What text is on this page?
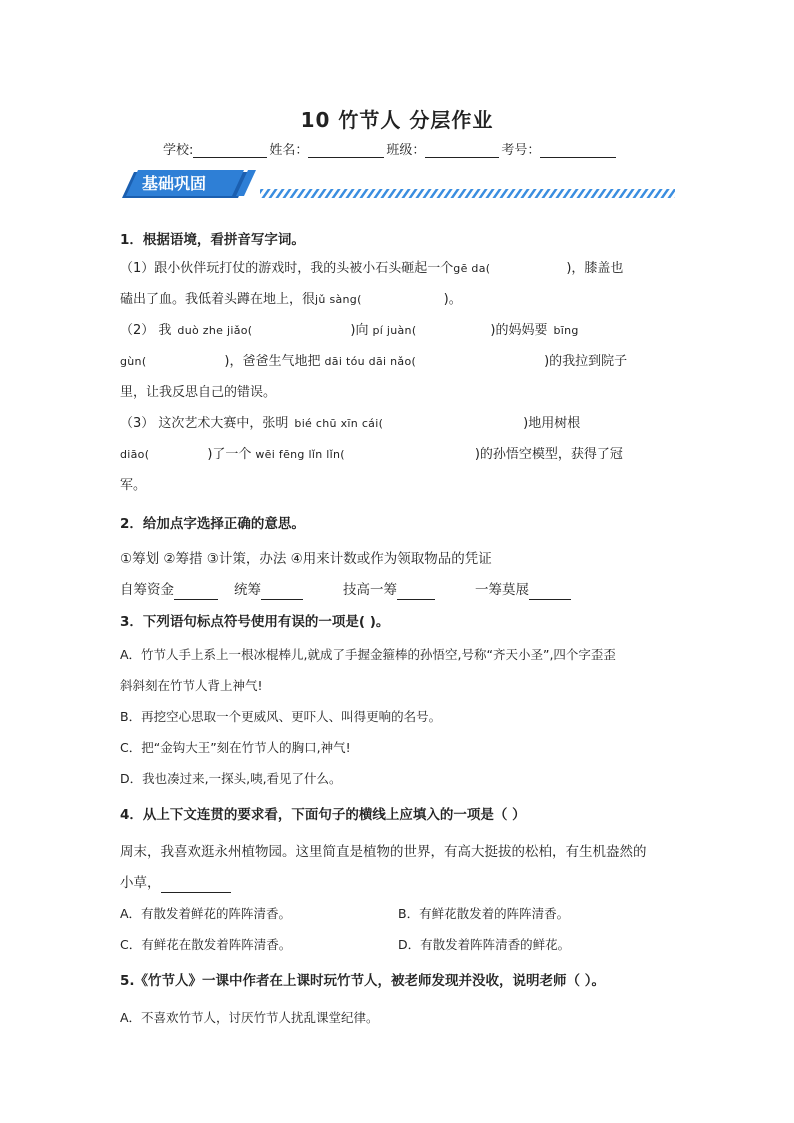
10 竹节人 分层作业
学校:	姓名：	班级：	考号：
基础巩固
1．根据语境，看拼音写字词。
（1）跟小伙伴玩打仗的游戏时，我的头被小石头砸起一个gē da(	)，膝盖也
磕出了血。我低着头蹲在地上，很jǔ sàng(	)。
（2） 我 duò zhe jiǎo(	)向 pí juàn(	)的妈妈要 bīng
gùn(	)，爸爸生气地把 dāi tóu dāi nǎo(	)的我拉到院子
里，让我反思自己的错误。
（3） 这次艺术大赛中，张明 bié chū xīn cái(	)地用树根
diāo(	)了一个 wēi fēng lǐn lǐn(	)的孙悟空模型，获得了冠
军。
2．给加点字选择正确的意思。
①筹划 ②筹措 ③计策，办法 ④用来计数或作为领取物品的凭证
自筹资金	统筹	技高一筹	一筹莫展
3．下列语句标点符号使用有误的一项是( )。
A．竹节人手上系上一根冰棍棒儿,就成了手握金箍棒的孙悟空,号称“齐天小圣”,四个字歪歪
斜斜刻在竹节人背上神气!
B．再挖空心思取一个更威风、更吓人、叫得更响的名号。
C．把“金钩大王”刻在竹节人的胸口,神气!
D．我也凑过来,一探头,咦,看见了什么。
4．从上下文连贯的要求看，下面句子的横线上应填入的一项是（ ）
周末，我喜欢逛永州植物园。这里简直是植物的世界，有高大挺拔的松柏，有生机盎然的
小草，
A．有散发着鲜花的阵阵清香。	B．有鲜花散发着的阵阵清香。
C．有鲜花在散发着阵阵清香。	D．有散发着阵阵清香的鲜花。
5.《竹节人》一课中作者在上课时玩竹节人，被老师发现并没收，说明老师（ ）。
A．不喜欢竹节人，讨厌竹节人扰乱课堂纪律。
